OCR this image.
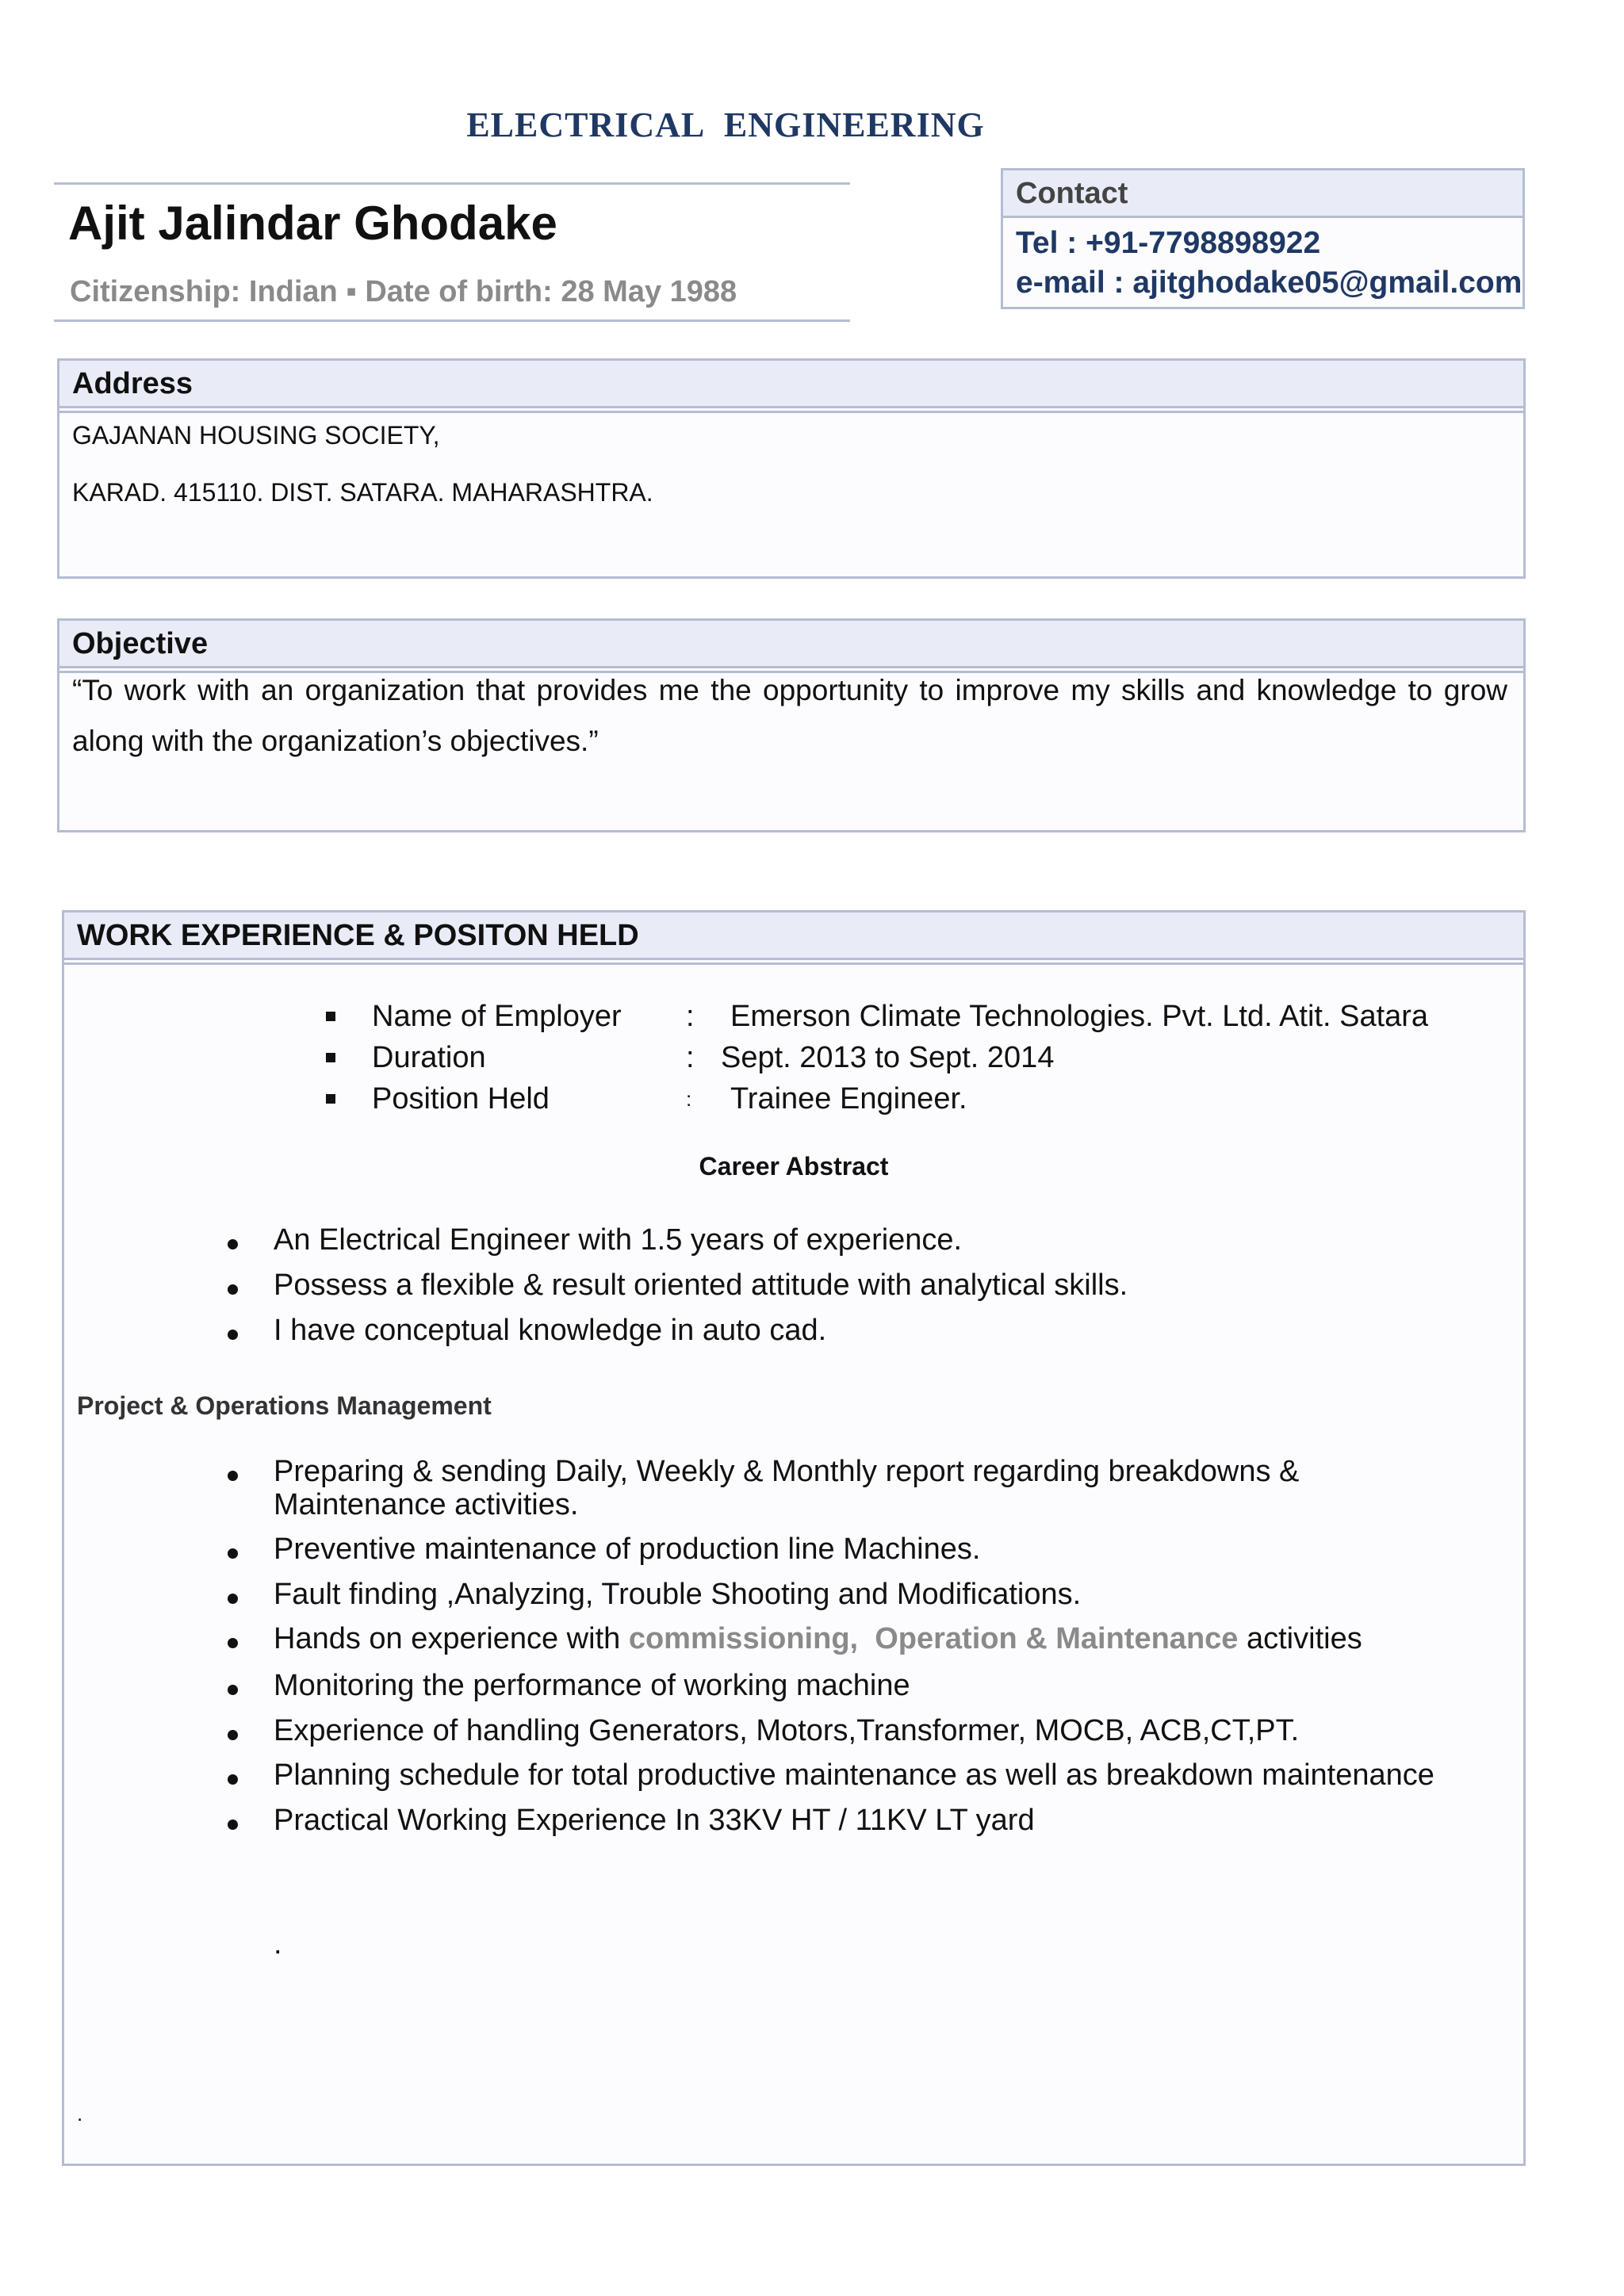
ELECTRICAL ENGINEERING
Ajit Jalindar Ghodake
Citizenship: Indian ▪ Date of birth: 28 May 1988
Contact
Tel : +91-7798898922
e-mail : ajitghodake05@gmail.com
Address
GAJANAN HOUSING SOCIETY,
KARAD. 415110. DIST. SATARA. MAHARASHTRA.
Objective
“To work with an organization that provides me the opportunity to improve my skills and knowledge to grow along with the organization’s objectives.”
WORK EXPERIENCE & POSITON HELD
Name of Employer : Emerson Climate Technologies. Pvt. Ltd. Atit. Satara
Duration	: Sept. 2013 to Sept. 2014
Position Held	: Trainee Engineer.
Career Abstract
An Electrical Engineer with 1.5 years of experience.
Possess a flexible & result oriented attitude with analytical skills.
I have conceptual knowledge in auto cad.
Project & Operations Management
Preparing & sending Daily, Weekly & Monthly report regarding breakdowns &
Maintenance activities.
Preventive maintenance of production line Machines.
Fault finding ,Analyzing, Trouble Shooting and Modifications.
Hands on experience with commissioning, Operation & Maintenance activities
Monitoring the performance of working machine
Experience of handling Generators, Motors,Transformer, MOCB, ACB,CT,PT.
Planning schedule for total productive maintenance as well as breakdown maintenance
Practical Working Experience In 33KV HT / 11KV LT yard
.
.
